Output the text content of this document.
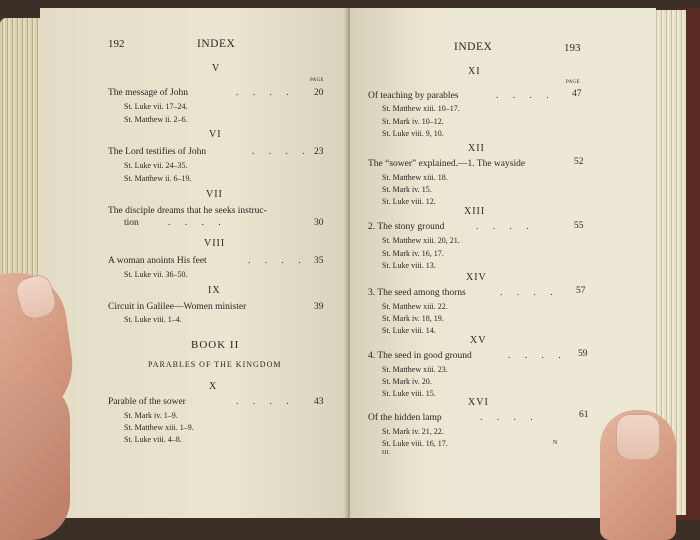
192	INDEX
V
PAGE
The message of John	. . . . 20
St. Luke vii. 17–24.
St. Matthew ii. 2–6.
VI
The Lord testifies of John	. . . . 23
St. Luke vii. 24–35.
St. Matthew ii. 6–19.
VII
The disciple dreams that he seeks instruc-
tion	. . . .	30
VIII
A woman anoints His feet	. . . . 35
St. Luke vii. 36–50.
IX
Circuit in Galilee—Women minister	39
St. Luke viii. 1–4.
BOOK II
PARABLES OF THE KINGDOM
X
Parable of the sower	. . . . 43
St. Mark iv. 1–9.
St. Matthew xiii. 1–9.
St. Luke viii. 4–8.
INDEX	193
XI
PAGE
Of teaching by parables	. . . . 47
St. Matthew xiii. 10–17.
St. Mark iv. 10–12.
St. Luke viii. 9, 10.
XII
The “sower” explained.—1. The wayside	52
St. Matthew xiii. 18.
St. Mark iv. 15.
St. Luke viii. 12.
XIII
2. The stony ground	. . . .	55
St. Matthew xiii. 20, 21.
St. Mark iv. 16, 17.
St. Luke viii. 13.
XIV
3. The seed among thorns	. . . . 57
St. Matthew xiii. 22.
St. Mark iv. 18, 19.
St. Luke viii. 14.
XV
4. The seed in good ground	. . . . 59
St. Matthew xiii. 23.
St. Mark iv. 20.
St. Luke viii. 15.
XVI
Of the hidden lamp	. . . .	61
St. Mark iv. 21, 22.
St. Luke viii. 16, 17.
III.
N
